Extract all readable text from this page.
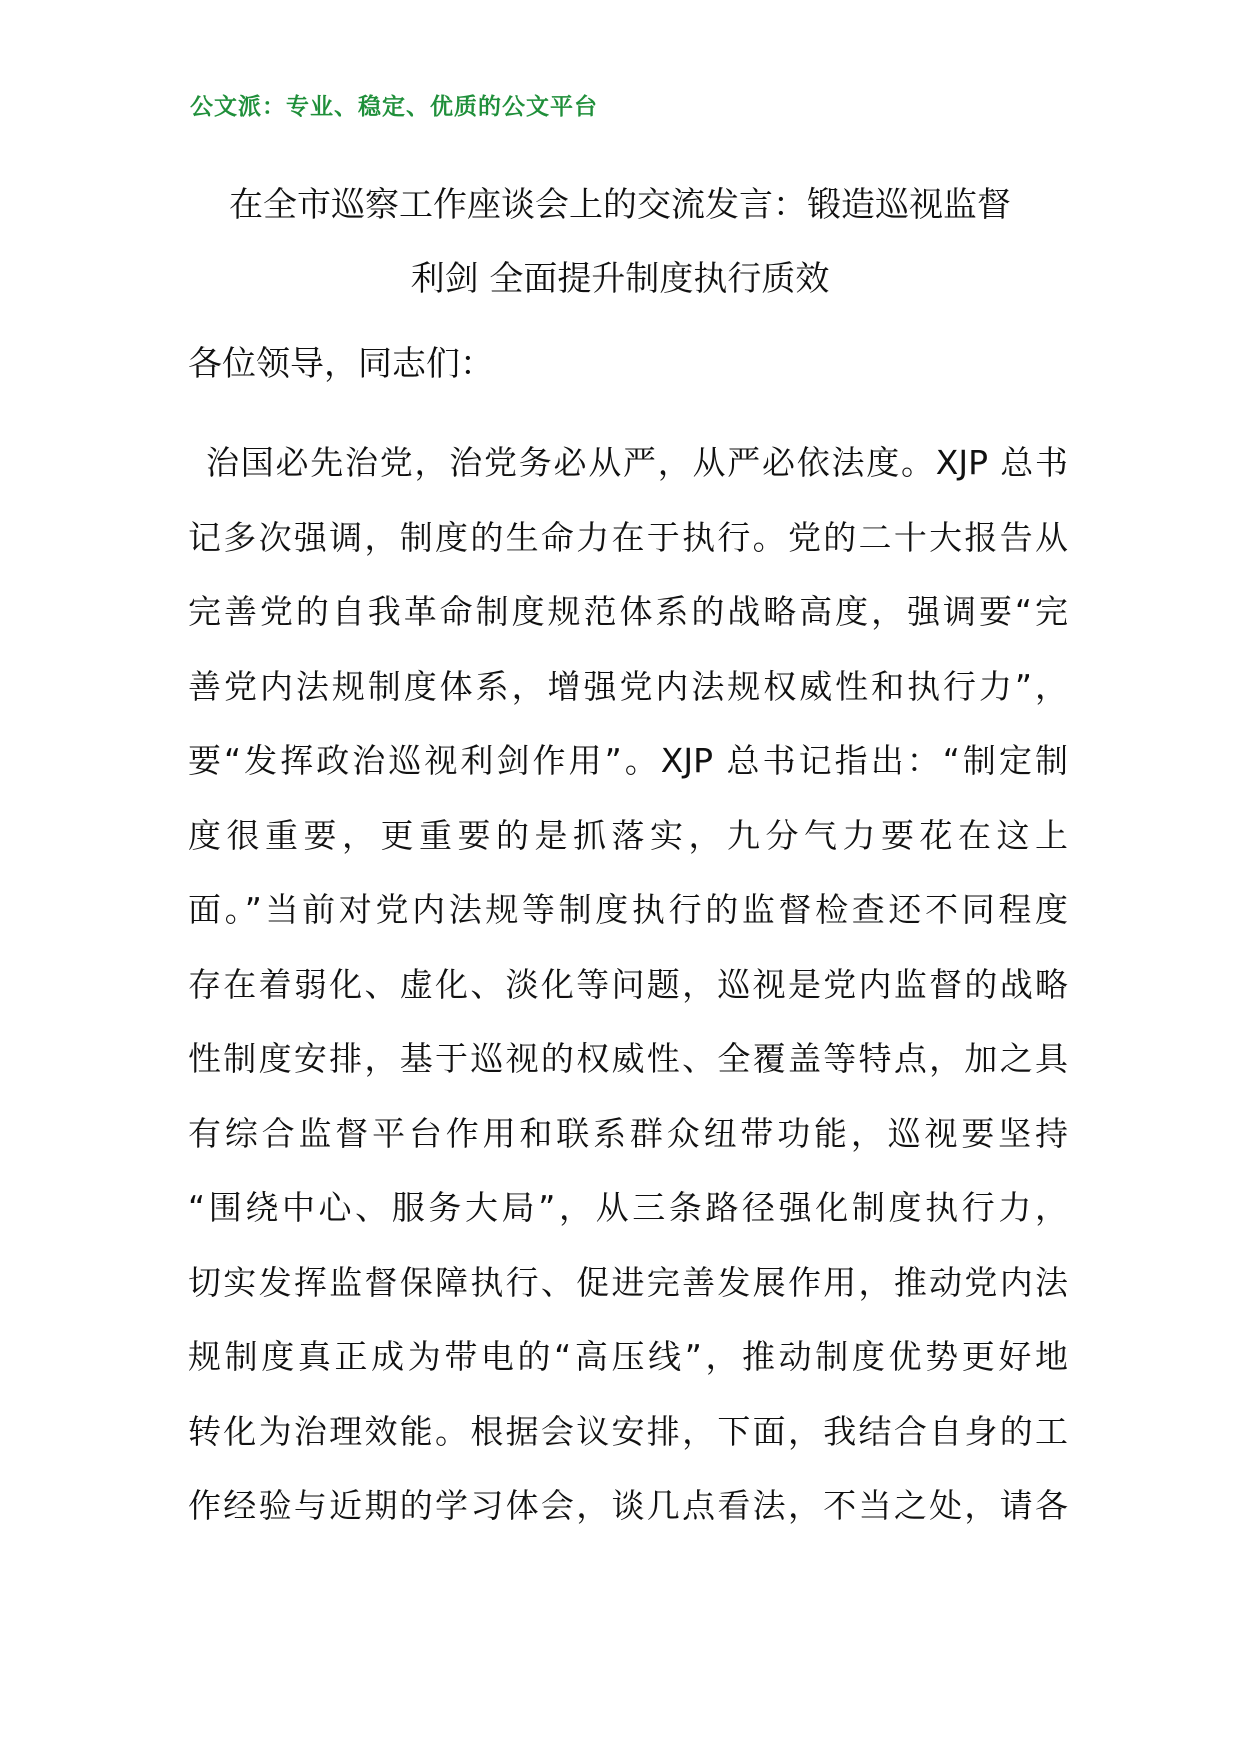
公文派：专业、稳定、优质的公文平台
在全市巡察工作座谈会上的交流发言：锻造巡视监督
利剑 全面提升制度执行质效
各位领导，同志们：
治国必先治党，治党务必从严，从严必依法度。XJP 总书
记多次强调，制度的生命力在于执行。党的二十大报告从
完善党的自我革命制度规范体系的战略高度，强调要“完
善党内法规制度体系，增强党内法规权威性和执行力”，
要“发挥政治巡视利剑作用”。XJP 总书记指出：“制定制
度很重要，更重要的是抓落实，九分气力要花在这上
面。”当前对党内法规等制度执行的监督检查还不同程度
存在着弱化、虚化、淡化等问题，巡视是党内监督的战略
性制度安排，基于巡视的权威性、全覆盖等特点，加之具
有综合监督平台作用和联系群众纽带功能，巡视要坚持
“围绕中心、服务大局”，从三条路径强化制度执行力，
切实发挥监督保障执行、促进完善发展作用，推动党内法
规制度真正成为带电的“高压线”，推动制度优势更好地
转化为治理效能。根据会议安排，下面，我结合自身的工
作经验与近期的学习体会，谈几点看法，不当之处，请各
